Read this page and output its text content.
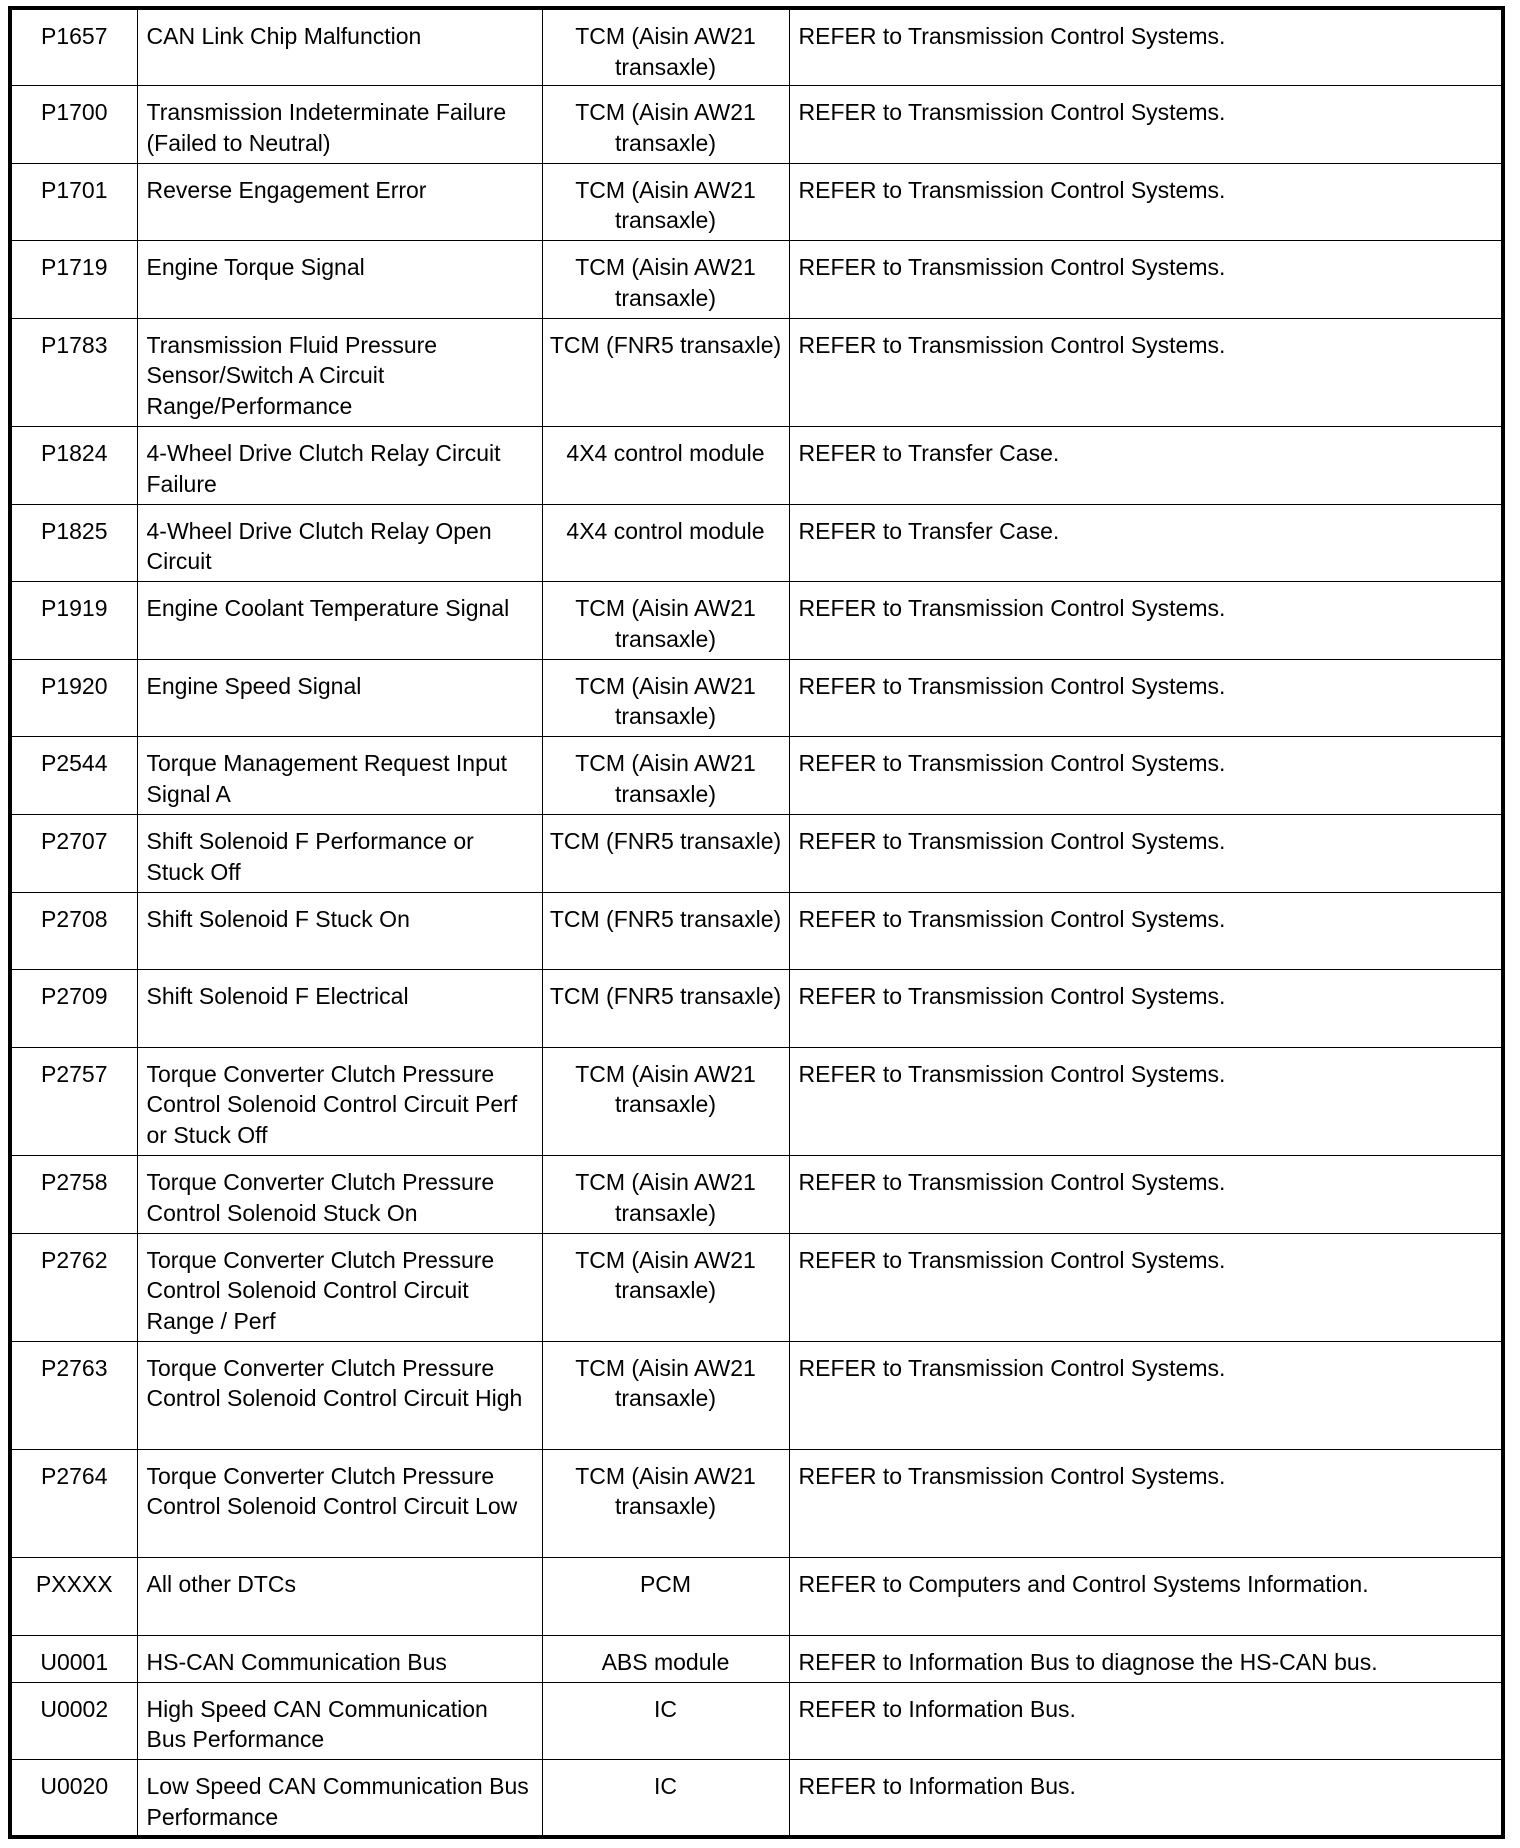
P1657	CAN Link Chip Malfunction	TCM (Aisin AW21 transaxle)	REFER to Transmission Control Systems.
P1700	Transmission Indeterminate Failure (Failed to Neutral)	TCM (Aisin AW21 transaxle)	REFER to Transmission Control Systems.
P1701	Reverse Engagement Error	TCM (Aisin AW21 transaxle)	REFER to Transmission Control Systems.
P1719	Engine Torque Signal	TCM (Aisin AW21 transaxle)	REFER to Transmission Control Systems.
P1783	Transmission Fluid Pressure Sensor/Switch A Circuit Range/Performance	TCM (FNR5 transaxle)	REFER to Transmission Control Systems.
P1824	4-Wheel Drive Clutch Relay Circuit Failure	4X4 control module	REFER to Transfer Case.
P1825	4-Wheel Drive Clutch Relay Open Circuit	4X4 control module	REFER to Transfer Case.
P1919	Engine Coolant Temperature Signal	TCM (Aisin AW21 transaxle)	REFER to Transmission Control Systems.
P1920	Engine Speed Signal	TCM (Aisin AW21 transaxle)	REFER to Transmission Control Systems.
P2544	Torque Management Request Input Signal A	TCM (Aisin AW21 transaxle)	REFER to Transmission Control Systems.
P2707	Shift Solenoid F Performance or Stuck Off	TCM (FNR5 transaxle)	REFER to Transmission Control Systems.
P2708	Shift Solenoid F Stuck On	TCM (FNR5 transaxle)	REFER to Transmission Control Systems.
P2709	Shift Solenoid F Electrical	TCM (FNR5 transaxle)	REFER to Transmission Control Systems.
P2757	Torque Converter Clutch Pressure Control Solenoid Control Circuit Perf or Stuck Off	TCM (Aisin AW21 transaxle)	REFER to Transmission Control Systems.
P2758	Torque Converter Clutch Pressure Control Solenoid Stuck On	TCM (Aisin AW21 transaxle)	REFER to Transmission Control Systems.
P2762	Torque Converter Clutch Pressure Control Solenoid Control Circuit Range / Perf	TCM (Aisin AW21 transaxle)	REFER to Transmission Control Systems.
P2763	Torque Converter Clutch Pressure Control Solenoid Control Circuit High	TCM (Aisin AW21 transaxle)	REFER to Transmission Control Systems.
P2764	Torque Converter Clutch Pressure Control Solenoid Control Circuit Low	TCM (Aisin AW21 transaxle)	REFER to Transmission Control Systems.
PXXXX	All other DTCs	PCM	REFER to Computers and Control Systems Information.
U0001	HS-CAN Communication Bus	ABS module	REFER to Information Bus to diagnose the HS-CAN bus.
U0002	High Speed CAN Communication Bus Performance	IC	REFER to Information Bus.
U0020	Low Speed CAN Communication Bus Performance	IC	REFER to Information Bus.
